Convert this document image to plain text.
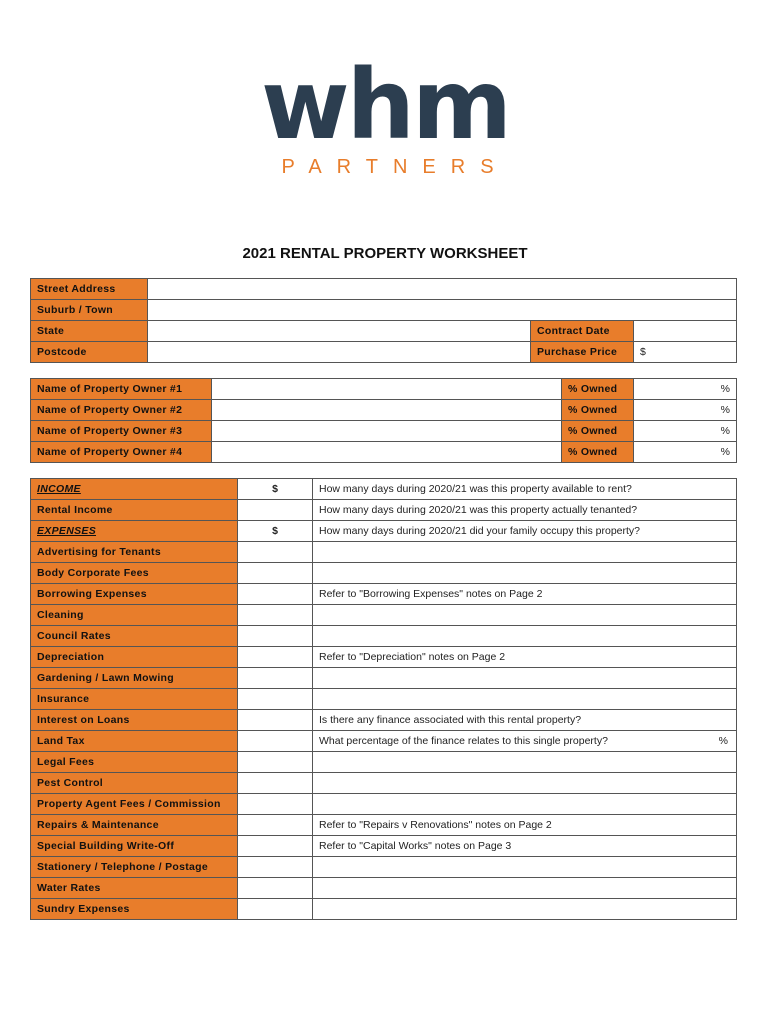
whm
PARTNERS
2021 RENTAL PROPERTY WORKSHEET
Street Address			
Suburb / Town			
State		Contract Date	
Postcode		Purchase Price	$
Name of Property Owner #1		% Owned	%
Name of Property Owner #2		% Owned	%
Name of Property Owner #3		% Owned	%
Name of Property Owner #4		% Owned	%
INCOME	$	How many days during 2020/21 was this property available to rent?
Rental Income		How many days during 2020/21 was this property actually tenanted?
EXPENSES	$	How many days during 2020/21 did your family occupy this property?
Advertising for Tenants		
Body Corporate Fees		
Borrowing Expenses		Refer to "Borrowing Expenses" notes on Page 2
Cleaning		
Council Rates		
Depreciation		Refer to "Depreciation" notes on Page 2
Gardening / Lawn Mowing		
Insurance		
Interest on Loans		Is there any finance associated with this rental property?
Land Tax		What percentage of the finance relates to this single property? %

Legal Fees		
Pest Control		
Property Agent Fees / Commission		
Repairs & Maintenance		Refer to "Repairs v Renovations" notes on Page 2
Special Building Write-Off		Refer to "Capital Works" notes on Page 3
Stationery / Telephone / Postage		
Water Rates		
Sundry Expenses		
